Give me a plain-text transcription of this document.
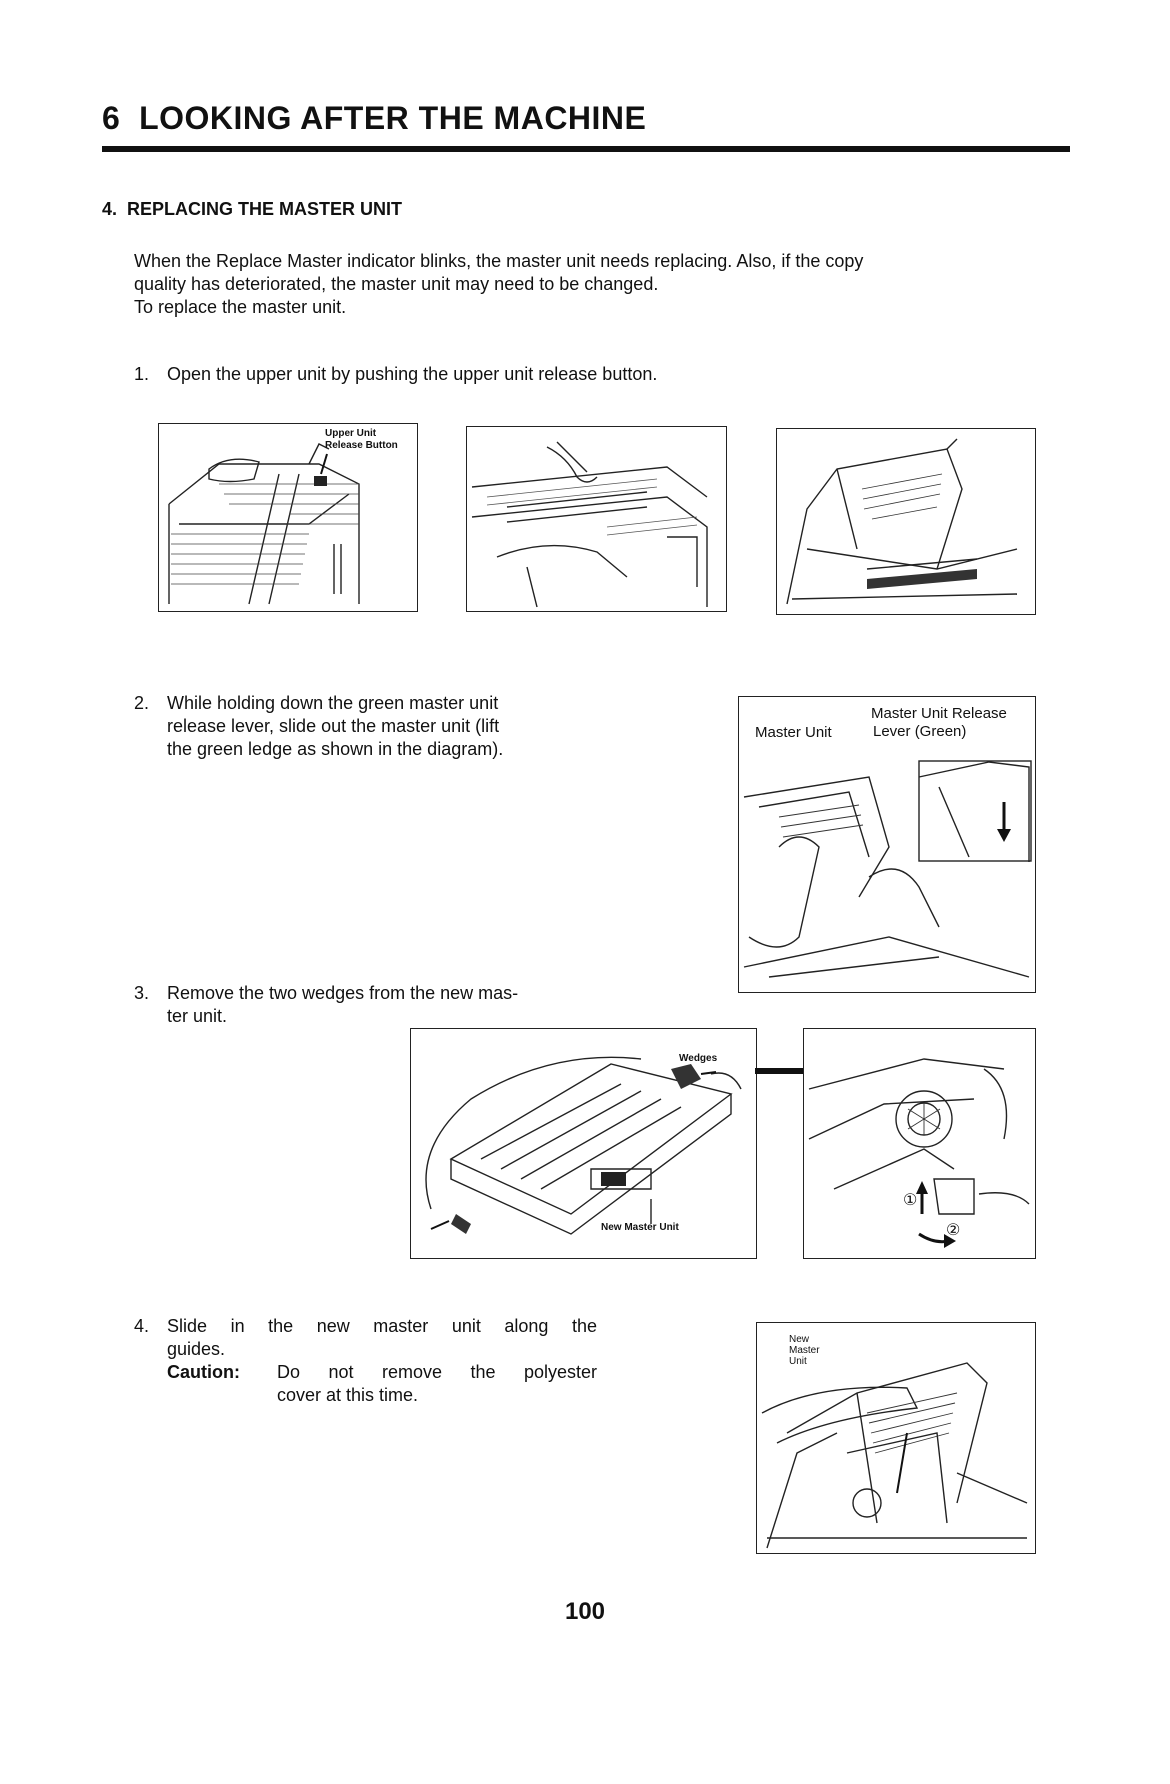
6 LOOKING AFTER THE MACHINE
4. REPLACING THE MASTER UNIT
When the Replace Master indicator blinks, the master unit needs replacing. Also, if the copy
quality has deteriorated, the master unit may need to be changed.
To replace the master unit.
1. Open the upper unit by pushing the upper unit release button.
Upper Unit
Release Button
2. While holding down the green master unit
release lever, slide out the master unit (lift
the green ledge as shown in the diagram).
Master Unit Release
Master Unit	Lever (Green)
3. Remove the two wedges from the new mas-
ter unit.
Wedges
New Master Unit
①
②
4. Slide in the new master unit along the
guides.
Caution: Do not remove the polyester
cover at this time.
New
Master
Unit
100
